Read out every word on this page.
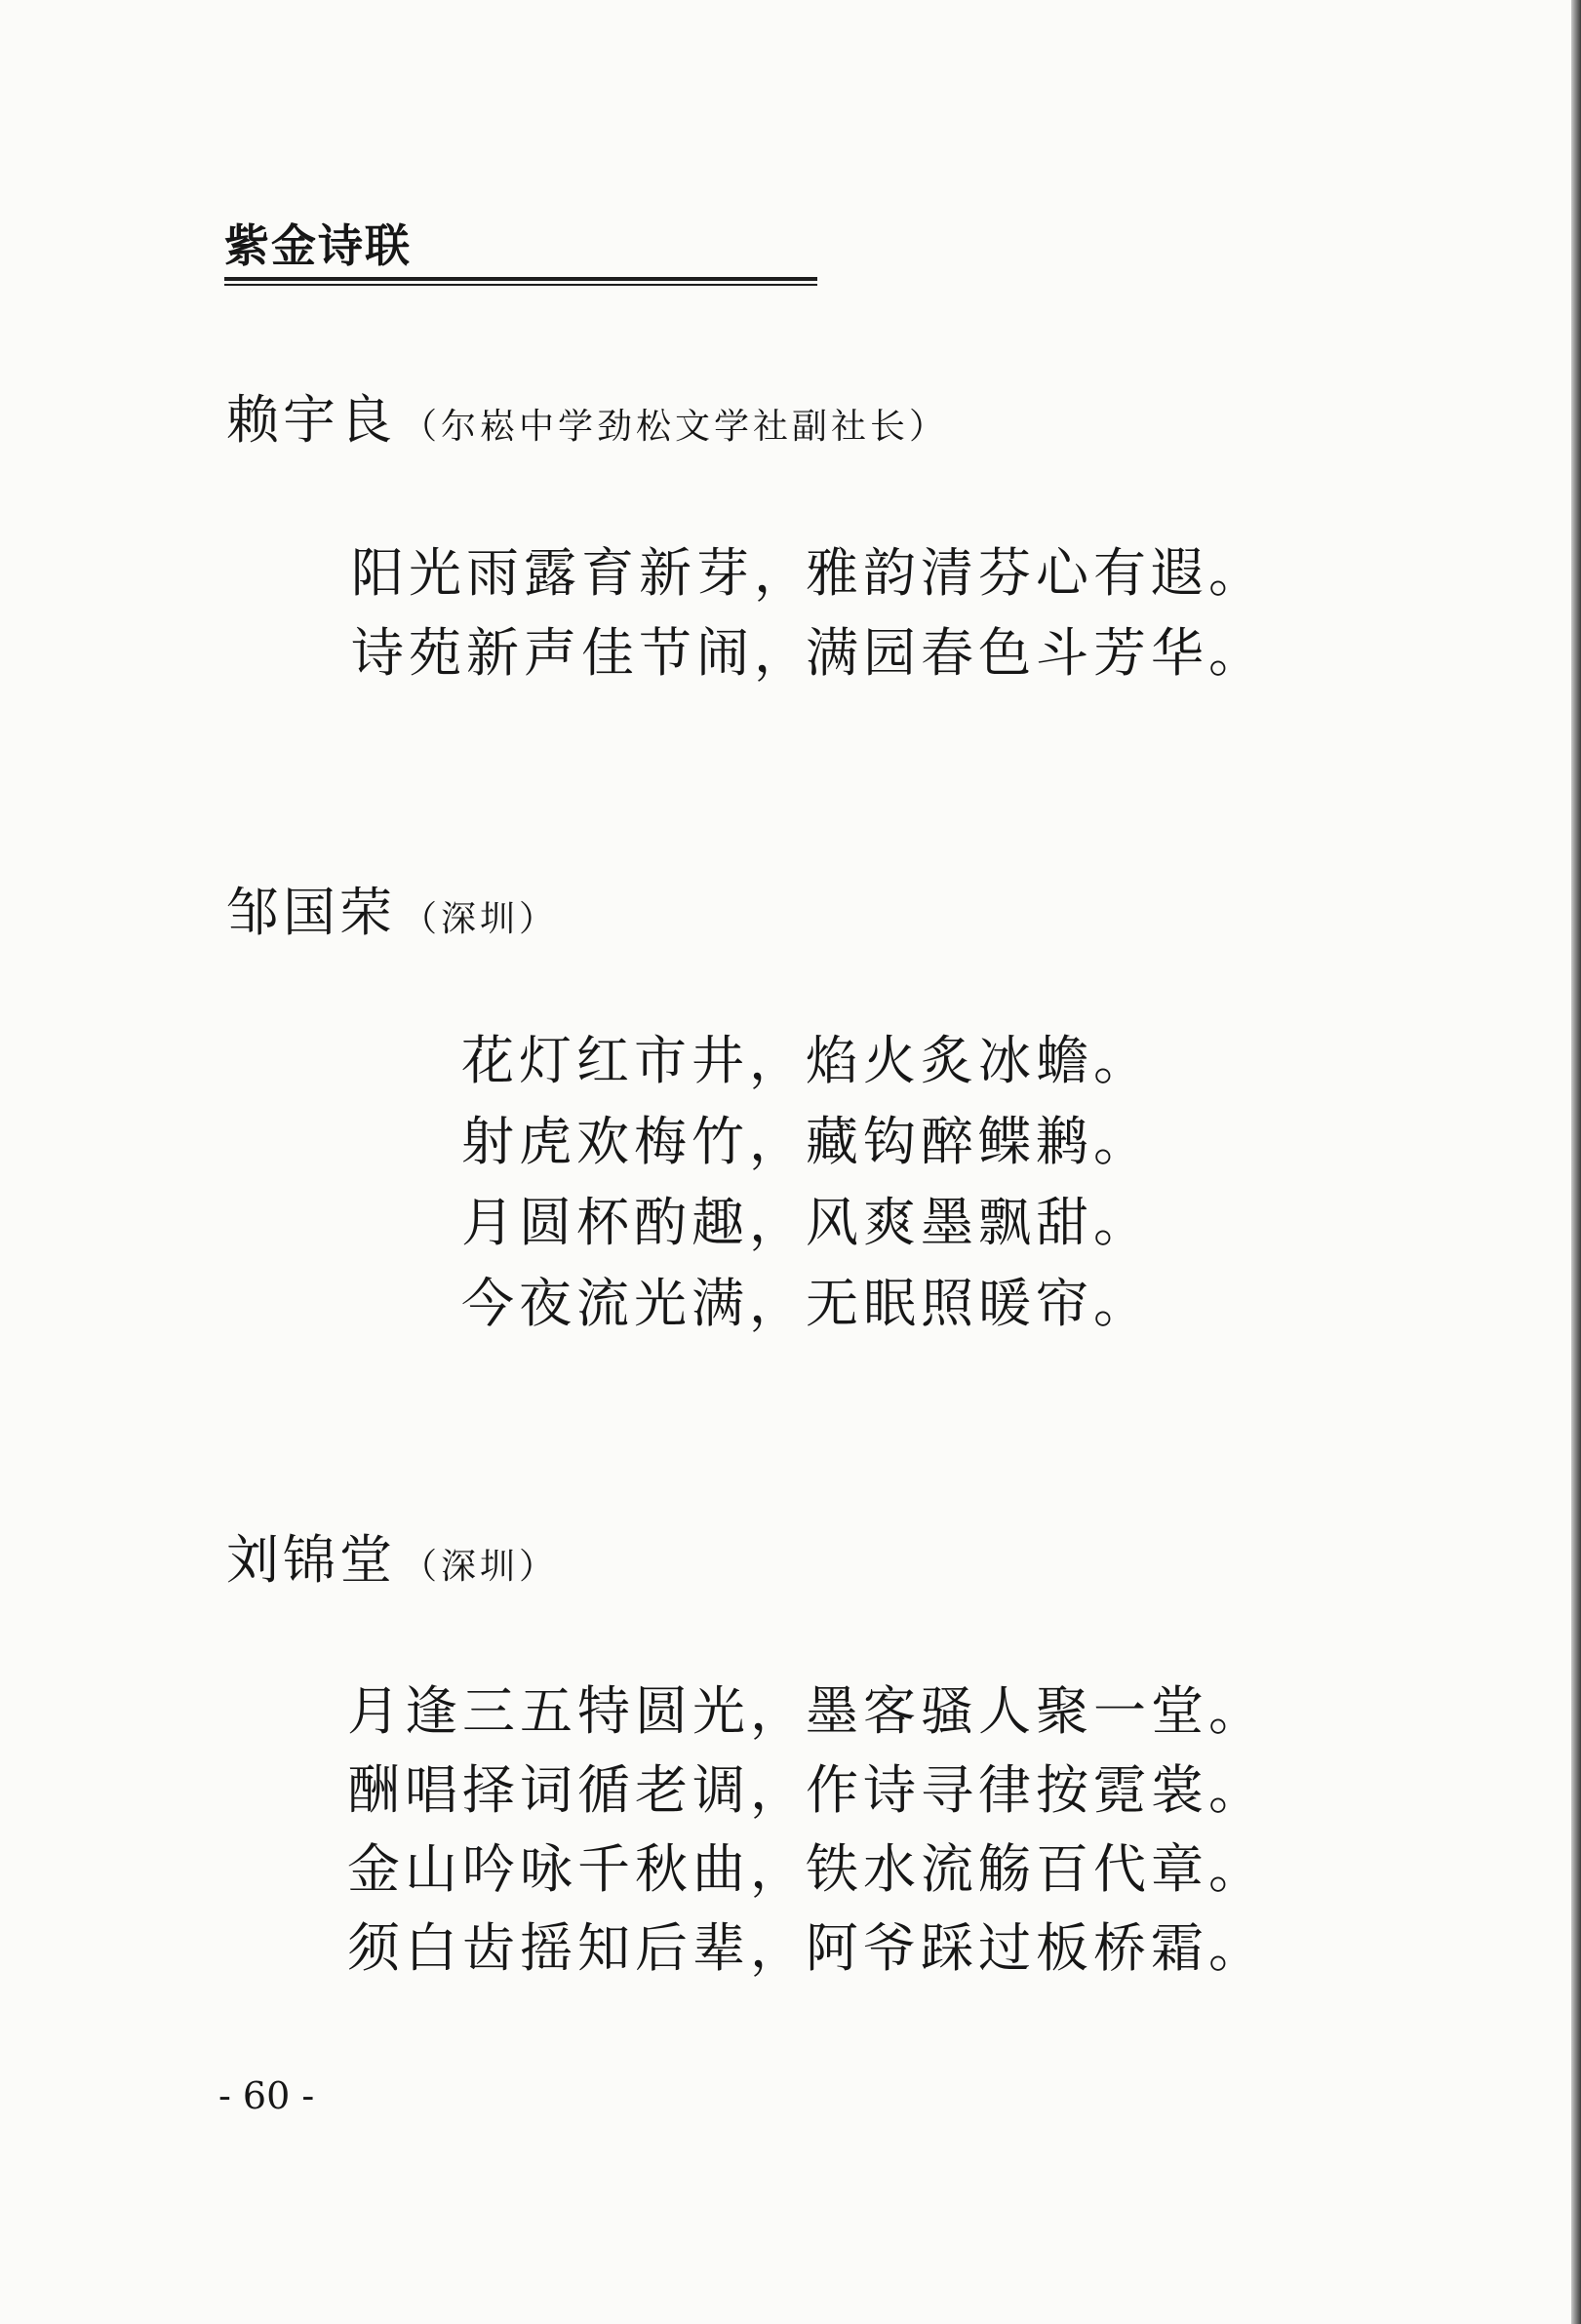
紫金诗联
赖宇良 （尔崧中学劲松文学社副社长）
阳光雨露育新芽，
雅韵清芬心有遐。
诗苑新声佳节闹，
满园春色斗芳华。
邹国荣 （深圳）
花灯红市井， 焰火炙冰蟾。
射虎欢梅竹， 藏钩醉鲽鹣。
月圆杯酌趣， 风爽墨飘甜。
今夜流光满， 无眠照暖帘。
刘锦堂 （深圳）
月逢三五特圆光，
墨客骚人聚一堂。
酬唱择词循老调，
作诗寻律按霓裳。
金山吟咏千秋曲，
铁水流觞百代章。
须白齿摇知后辈，
阿爷踩过板桥霜。
- 60 -
